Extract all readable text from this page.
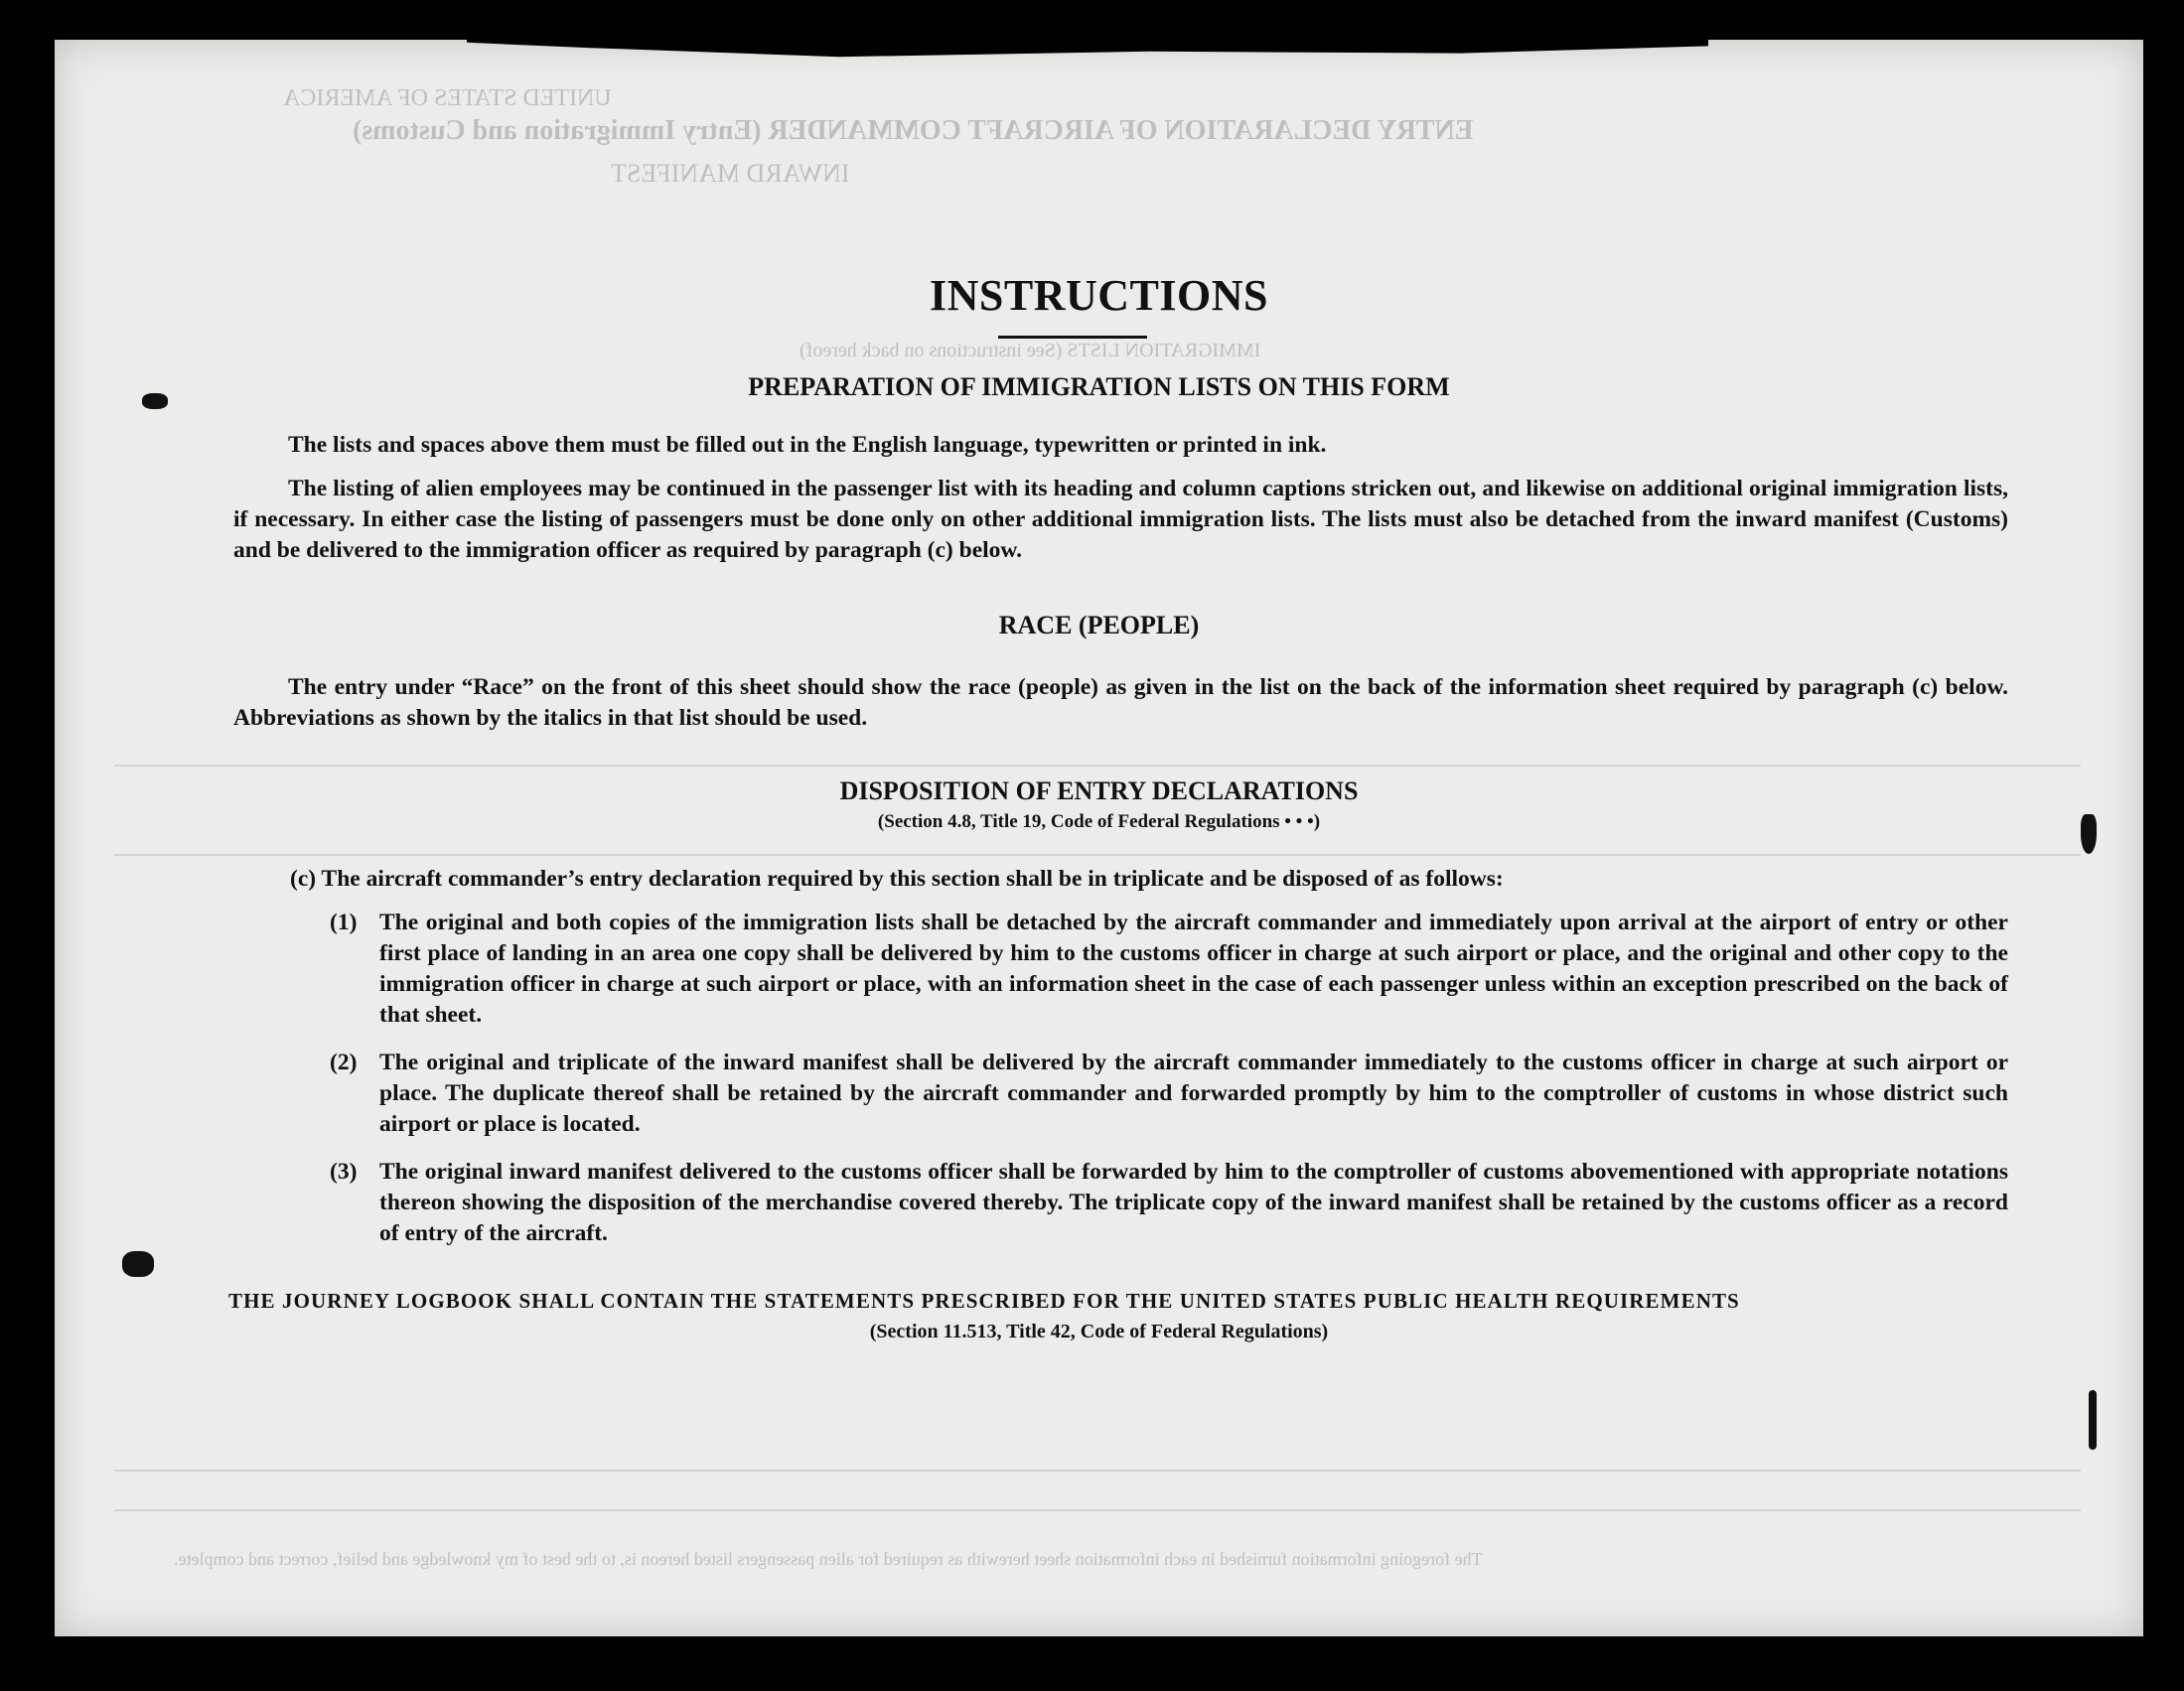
UNITED STATES OF AMERICA
ENTRY DECLARATION OF AIRCRAFT COMMANDER (Entry Immigration and Customs)
INWARD MANIFEST
IMMIGRATION LISTS (See instructions on back hereof)
The foregoing information furnished in each information sheet herewith as required for alien passengers listed hereon is, to the best of my knowledge and belief, correct and complete.
INSTRUCTIONS
PREPARATION OF IMMIGRATION LISTS ON THIS FORM
The lists and spaces above them must be filled out in the English language, typewritten or printed in ink.
The listing of alien employees may be continued in the passenger list with its heading and column captions stricken out, and likewise on additional original immigration lists, if necessary. In either case the listing of passengers must be done only on other additional immigration lists. The lists must also be detached from the inward manifest (Customs) and be delivered to the immigration officer as required by paragraph (c) below.
RACE (PEOPLE)
The entry under “Race” on the front of this sheet should show the race (people) as given in the list on the back of the information sheet required by paragraph (c) below. Abbreviations as shown by the italics in that list should be used.
DISPOSITION OF ENTRY DECLARATIONS
(Section 4.8, Title 19, Code of Federal Regulations • • •)
(c) The aircraft commander’s entry declaration required by this section shall be in triplicate and be disposed of as follows:
(1) The original and both copies of the immigration lists shall be detached by the aircraft commander and immediately upon arrival at the airport of entry or other first place of landing in an area one copy shall be delivered by him to the customs officer in charge at such airport or place, and the original and other copy to the immigration officer in charge at such airport or place, with an information sheet in the case of each passenger unless within an exception prescribed on the back of that sheet.
(2) The original and triplicate of the inward manifest shall be delivered by the aircraft commander immediately to the customs officer in charge at such airport or place. The duplicate thereof shall be retained by the aircraft commander and forwarded promptly by him to the comptroller of customs in whose district such airport or place is located.
(3) The original inward manifest delivered to the customs officer shall be forwarded by him to the comptroller of customs abovementioned with appropriate notations thereon showing the disposition of the merchandise covered thereby. The triplicate copy of the inward manifest shall be retained by the customs officer as a record of entry of the aircraft.
THE JOURNEY LOGBOOK SHALL CONTAIN THE STATEMENTS PRESCRIBED FOR THE UNITED STATES PUBLIC HEALTH REQUIREMENTS
(Section 11.513, Title 42, Code of Federal Regulations)
